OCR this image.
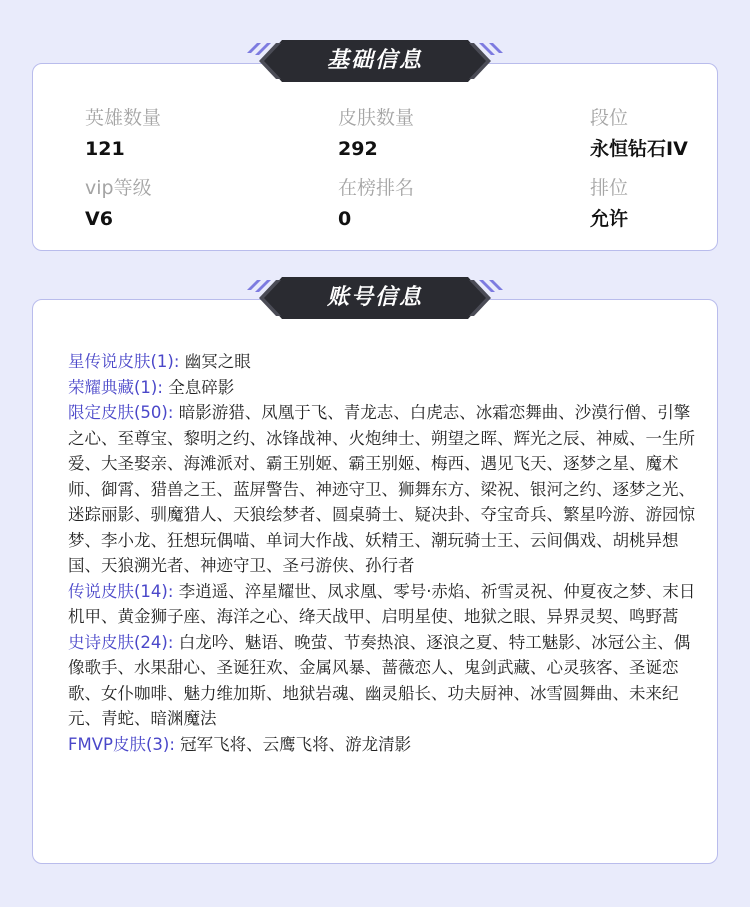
英雄数量
121
皮肤数量
292
段位
永恒钻石IV
vip等级
V6
在榜排名
0
排位
允许
星传说皮肤(1): 幽冥之眼
荣耀典藏(1): 全息碎影
限定皮肤(50): 暗影游猎、凤凰于飞、青龙志、白虎志、冰霜恋舞曲、沙漠行僧、引擎之心、至尊宝、黎明之约、冰锋战神、火炮绅士、朔望之晖、辉光之辰、神威、一生所爱、大圣娶亲、海滩派对、霸王别姬、霸王别姬、梅西、遇见飞天、逐梦之星、魔术师、御霄、猎兽之王、蓝屏警告、神迹守卫、狮舞东方、梁祝、银河之约、逐梦之光、迷踪丽影、驯魔猎人、天狼绘梦者、圆桌骑士、疑决卦、夺宝奇兵、繁星吟游、游园惊梦、李小龙、狂想玩偶喵、单词大作战、妖精王、潮玩骑士王、云间偶戏、胡桃异想国、天狼溯光者、神迹守卫、圣弓游侠、孙行者
传说皮肤(14): 李逍遥、淬星耀世、凤求凰、零号·赤焰、祈雪灵祝、仲夏夜之梦、末日机甲、黄金狮子座、海洋之心、绛天战甲、启明星使、地狱之眼、异界灵契、鸣野蒿
史诗皮肤(24): 白龙吟、魅语、晚萤、节奏热浪、逐浪之夏、特工魅影、冰冠公主、偶像歌手、水果甜心、圣诞狂欢、金属风暴、蔷薇恋人、鬼剑武藏、心灵骇客、圣诞恋歌、女仆咖啡、魅力维加斯、地狱岩魂、幽灵船长、功夫厨神、冰雪圆舞曲、未来纪元、青蛇、暗渊魔法
FMVP皮肤(3): 冠军飞将、云鹰飞将、游龙清影
基础信息
账号信息
